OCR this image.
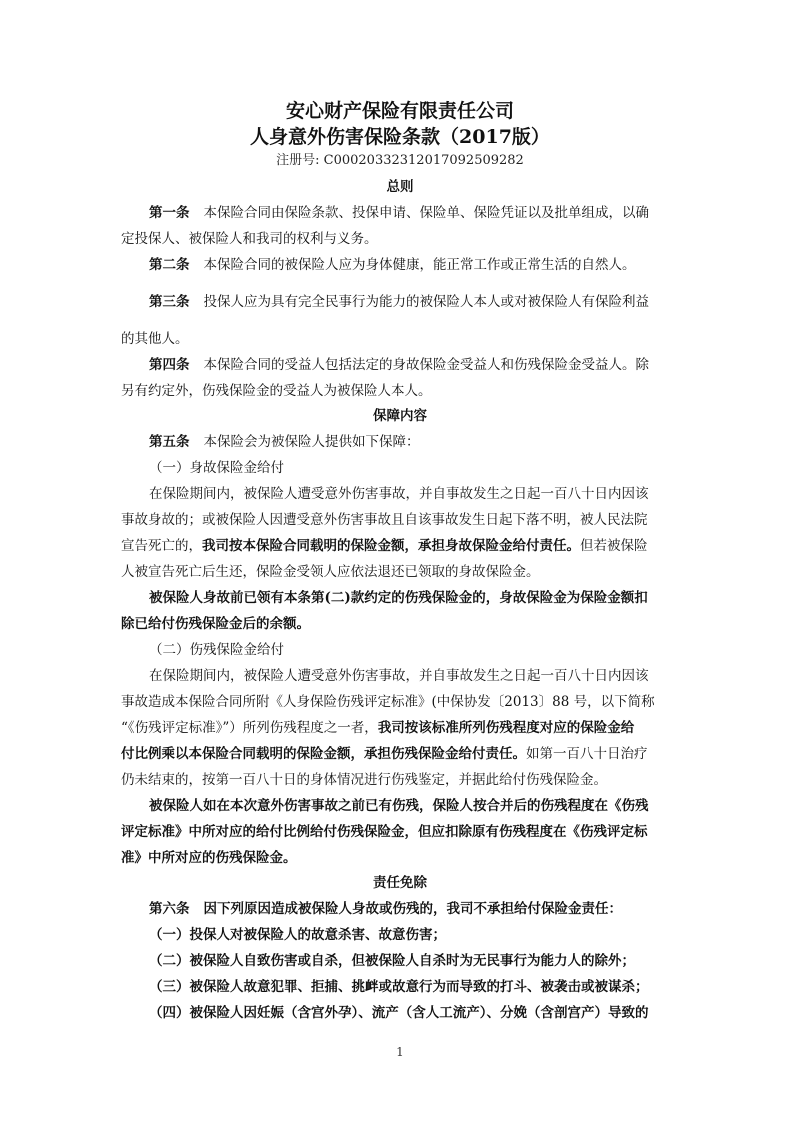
安心财产保险有限责任公司
人身意外伤害保险条款（2017版）
注册号: C00020332312017092509282
总则
第一条 本保险合同由保险条款、投保申请、保险单、保险凭证以及批单组成，以确
定投保人、被保险人和我司的权利与义务。
第二条 本保险合同的被保险人应为身体健康，能正常工作或正常生活的自然人。
第三条 投保人应为具有完全民事行为能力的被保险人本人或对被保险人有保险利益
的其他人。
第四条 本保险合同的受益人包括法定的身故保险金受益人和伤残保险金受益人。除
另有约定外，伤残保险金的受益人为被保险人本人。
保障内容
第五条 本保险会为被保险人提供如下保障：
（一）身故保险金给付
在保险期间内，被保险人遭受意外伤害事故，并自事故发生之日起一百八十日内因该
事故身故的；或被保险人因遭受意外伤害事故且自该事故发生日起下落不明，被人民法院
宣告死亡的，我司按本保险合同载明的保险金额，承担身故保险金给付责任。但若被保险
人被宣告死亡后生还，保险金受领人应依法退还已领取的身故保险金。
被保险人身故前已领有本条第(二)款约定的伤残保险金的，身故保险金为保险金额扣
除已给付伤残保险金后的余额。
（二）伤残保险金给付
在保险期间内，被保险人遭受意外伤害事故，并自事故发生之日起一百八十日内因该
事故造成本保险合同所附《人身保险伤残评定标准》(中保协发〔2013〕88 号，以下简称
“《伤残评定标准》”）所列伤残程度之一者，我司按该标准所列伤残程度对应的保险金给
付比例乘以本保险合同载明的保险金额，承担伤残保险金给付责任。如第一百八十日治疗
仍未结束的，按第一百八十日的身体情况进行伤残鉴定，并据此给付伤残保险金。
被保险人如在本次意外伤害事故之前已有伤残，保险人按合并后的伤残程度在《伤残
评定标准》中所对应的给付比例给付伤残保险金，但应扣除原有伤残程度在《伤残评定标
准》中所对应的伤残保险金。
责任免除
第六条 因下列原因造成被保险人身故或伤残的，我司不承担给付保险金责任：
（一）投保人对被保险人的故意杀害、故意伤害；
（二）被保险人自致伤害或自杀，但被保险人自杀时为无民事行为能力人的除外；
（三）被保险人故意犯罪、拒捕、挑衅或故意行为而导致的打斗、被袭击或被谋杀；
（四）被保险人因妊娠（含宫外孕）、流产（含人工流产）、分娩（含剖宫产）导致的
1
